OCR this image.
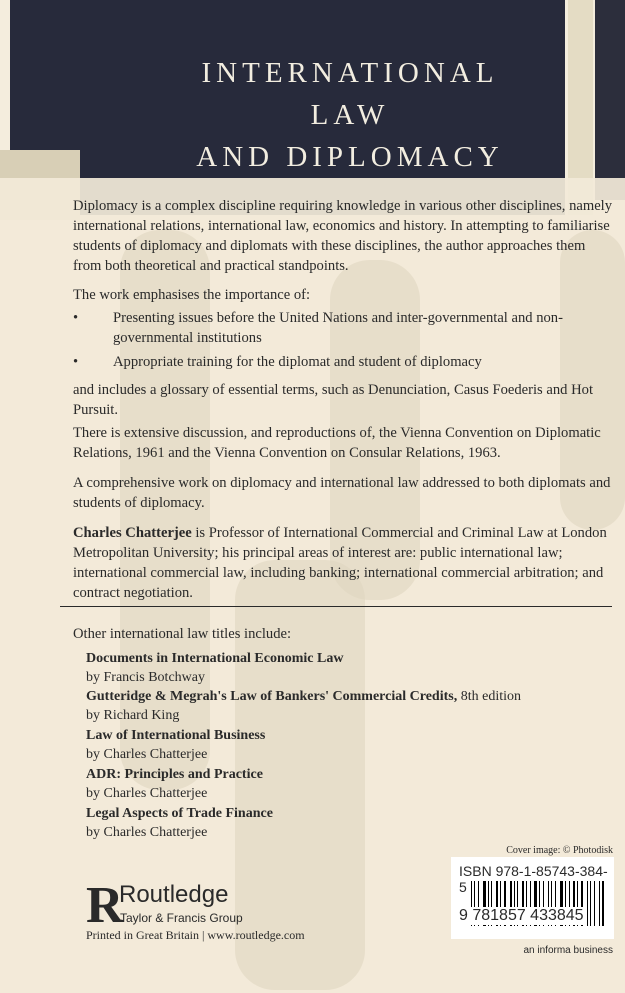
INTERNATIONAL
LAW
AND DIPLOMACY

Diplomacy is a complex discipline requiring knowledge in various other disciplines, namely international relations, international law, economics and history. In attempting to familiarise students of diplomacy and diplomats with these disciplines, the author approaches them from both theoretical and practical standpoints.

The work emphasises the importance of:

• Presenting issues before the United Nations and inter-governmental and non-governmental institutions
• Appropriate training for the diplomat and student of diplomacy

and includes a glossary of essential terms, such as Denunciation, Casus Foederis and Hot Pursuit.

There is extensive discussion, and reproductions of, the Vienna Convention on Diplomatic Relations, 1961 and the Vienna Convention on Consular Relations, 1963.

A comprehensive work on diplomacy and international law addressed to both diplomats and students of diplomacy.

Charles Chatterjee is Professor of International Commercial and Criminal Law at London Metropolitan University; his principal areas of interest are: public international law; international commercial law, including banking; international commercial arbitration; and contract negotiation.

Other international law titles include:

Documents in International Economic Law
by Francis Botchway
Gutteridge & Megrah's Law of Bankers' Commercial Credits, 8th edition
by Richard King
Law of International Business
by Charles Chatterjee
ADR: Principles and Practice
by Charles Chatterjee
Legal Aspects of Trade Finance
by Charles Chatterjee
Cover image: © Photodisk
ISBN 978-1-85743-384-5
9 781857 433845
an informa business
R
Routledge
Taylor & Francis Group
Printed in Great Britain | www.routledge.com
